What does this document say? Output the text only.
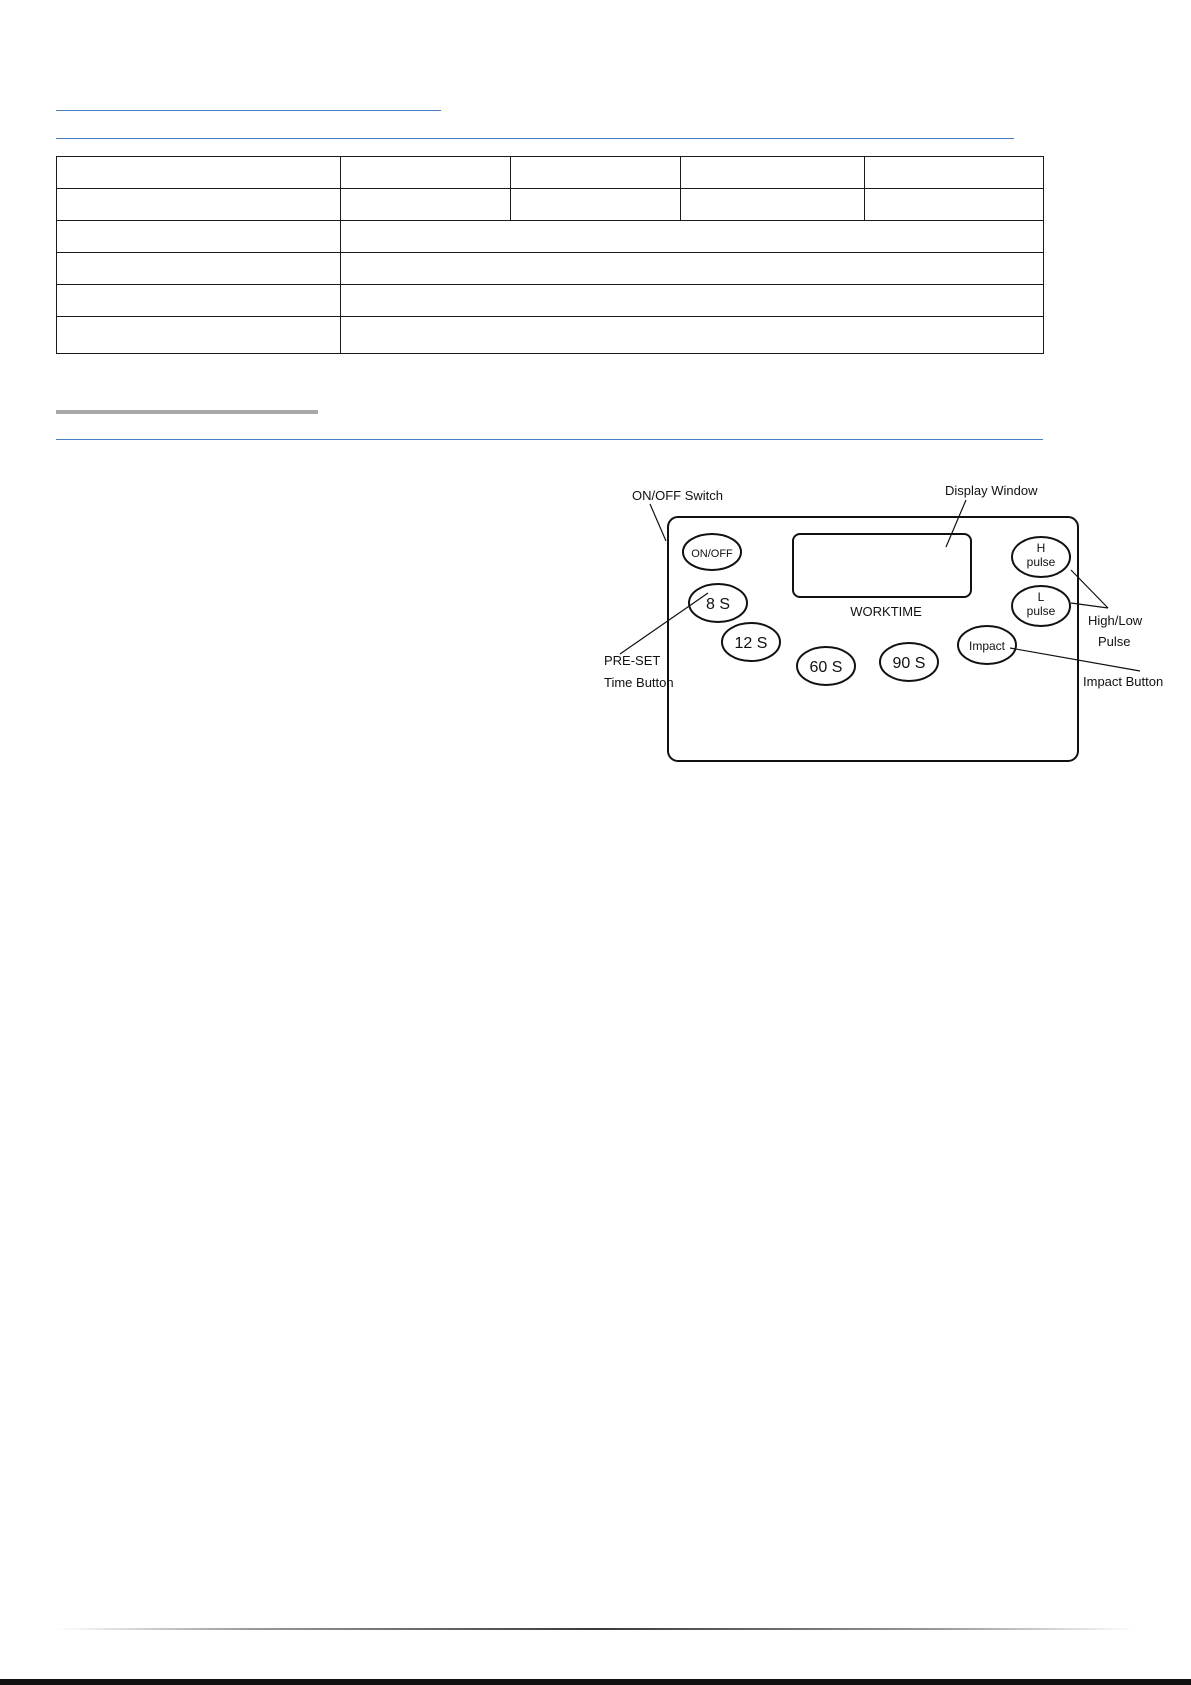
WORKTIME
ON/OFF Switch	Display Window
PRE-SET
Time Button
High/Low
Pulse
Impact Button
ON/OFF
8 S
12 S
60 S	90 S
Impact
H
pulse
L
pulse
